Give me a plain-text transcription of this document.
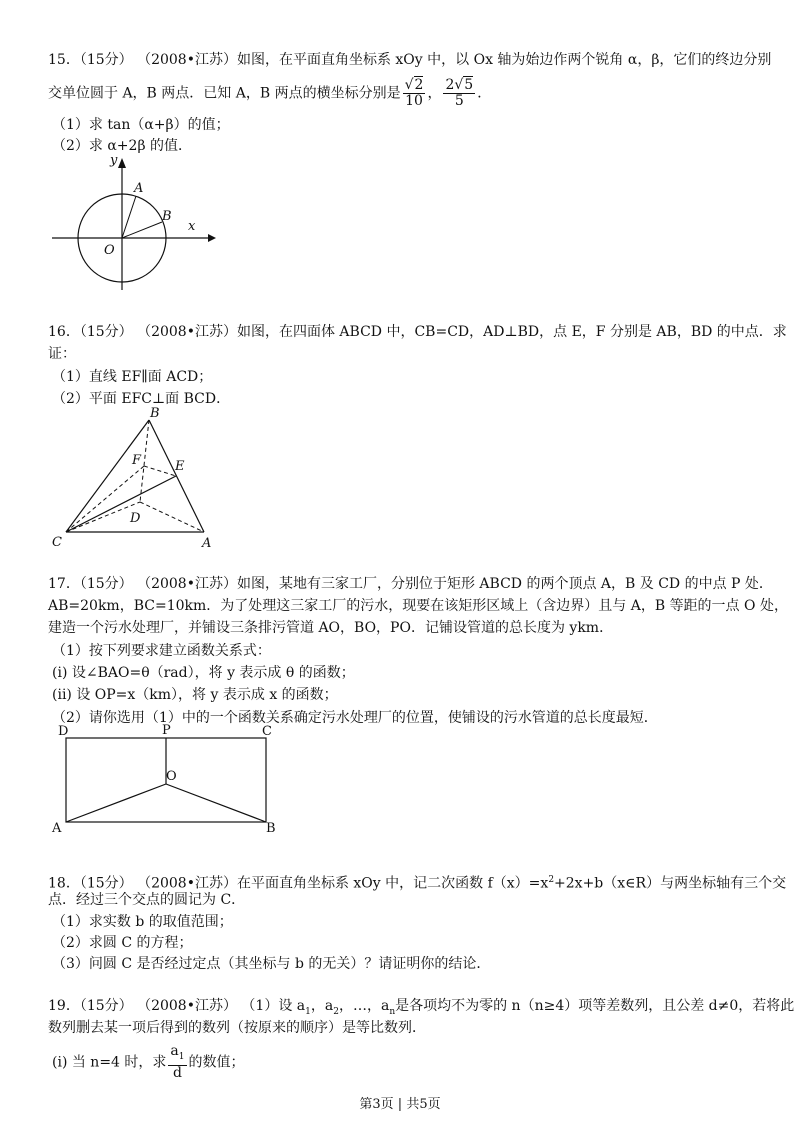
15．（15分） （2008•江苏）如图，在平面直角坐标系 xOy 中，以 Ox 轴为始边作两个锐角 α，β，它们的终边分别
交单位圆于 A，B 两点．已知 A，B 两点的横坐标分别是 $\frac{√2}{10}$ ， $\frac{2√5}{5}$ ．
（1）求 tan（α+β）的值；
（2）求 α+2β 的值．
y
x
A
B
O
16．（15分） （2008•江苏）如图，在四面体 ABCD 中，CB=CD，AD⊥BD，点 E，F 分别是 AB，BD 的中点．求
证：
（1）直线 EF∥面 ACD；
（2）平面 EFC⊥面 BCD．
B
F	E
D
C	A
17．（15分） （2008•江苏）如图，某地有三家工厂，分别位于矩形 ABCD 的两个顶点 A，B 及 CD 的中点 P 处．
AB=20km，BC=10km．为了处理这三家工厂的污水，现要在该矩形区域上（含边界）且与 A，B 等距的一点 O 处，
建造一个污水处理厂，并铺设三条排污管道 AO，BO，PO．记铺设管道的总长度为 ykm．
（1）按下列要求建立函数关系式：
(i) 设∠BAO=θ（rad），将 y 表示成 θ 的函数；
(ii) 设 OP=x（km），将 y 表示成 x 的函数；
（2）请你选用（1）中的一个函数关系确定污水处理厂的位置，使铺设的污水管道的总长度最短．
D	P	C
O
A	B
18．（15分） （2008•江苏）在平面直角坐标系 xOy 中，记二次函数 $f(x)=x^2+2x+b(x\in R)$与两坐标轴有三个交
点．经过三个交点的圆记为 C．
（1）求实数 b 的取值范围；
（2）求圆 C 的方程；
（3）问圆 C 是否经过定点（其坐标与 b 的无关）？请证明你的结论．
19．（15分） （2008•江苏） （1）设 $a_1$，$a_2$，…，$a_n$是各项均不为零的 n（n≥4）项等差数列，且公差 d≠0，若将此
数列删去某一项后得到的数列（按原来的顺序）是等比数列．
(i) 当 n=4 时，求 $\frac{a_1}{d}$ 的数值；
第3页 | 共5页
